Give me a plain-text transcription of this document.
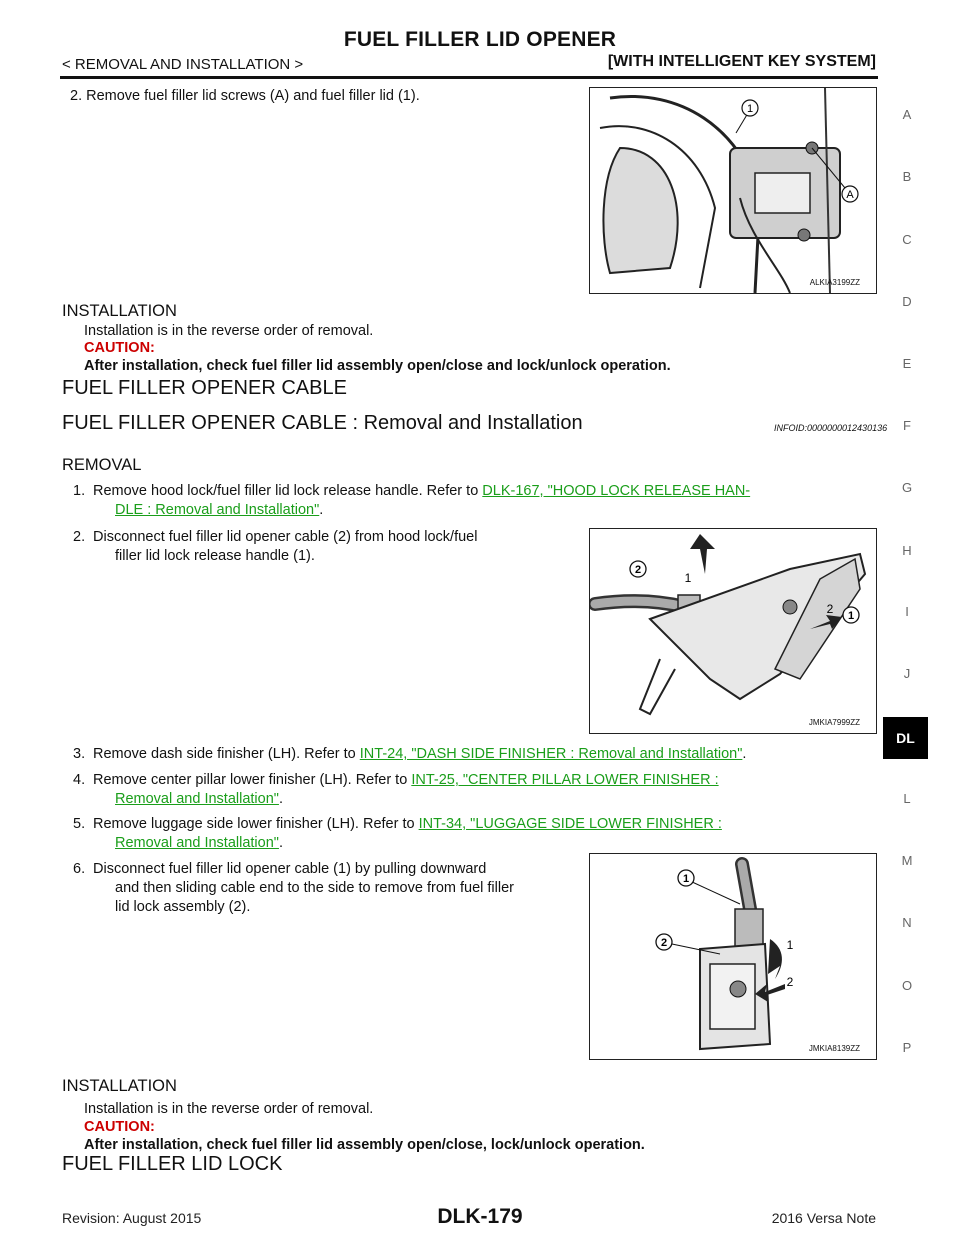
FUEL FILLER LID OPENER
< REMOVAL AND INSTALLATION >	[WITH INTELLIGENT KEY SYSTEM]
2. Remove fuel filler lid screws (A) and fuel filler lid (1).
1
A
ALKIA3199ZZ
INSTALLATION
Installation is in the reverse order of removal.
CAUTION:
After installation, check fuel filler lid assembly open/close and lock/unlock operation.
FUEL FILLER OPENER CABLE
FUEL FILLER OPENER CABLE : Removal and Installation	INFOID:0000000012430136
REMOVAL
1. Remove hood lock/fuel filler lid lock release handle. Refer to DLK-167, "HOOD LOCK RELEASE HAN-
DLE : Removal and Installation".
2. Disconnect fuel filler lid opener cable (2) from hood lock/fuel
filler lid lock release handle (1).
2
1
1
2
JMKIA7999ZZ
3. Remove dash side finisher (LH). Refer to INT-24, "DASH SIDE FINISHER : Removal and Installation".
4. Remove center pillar lower finisher (LH). Refer to INT-25, "CENTER PILLAR LOWER FINISHER :
Removal and Installation".
5. Remove luggage side lower finisher (LH). Refer to INT-34, "LUGGAGE SIDE LOWER FINISHER :
Removal and Installation".
6. Disconnect fuel filler lid opener cable (1) by pulling downward
and then sliding cable end to the side to remove from fuel filler
lid lock assembly (2).
1
2	1
2
JMKIA8139ZZ
INSTALLATION
Installation is in the reverse order of removal.
CAUTION:
After installation, check fuel filler lid assembly open/close, lock/unlock operation.
FUEL FILLER LID LOCK
A
B
C
D
E
F
G
H
I
J
DL
L
M
N
O
P
Revision: August 2015	DLK-179	2016 Versa Note
